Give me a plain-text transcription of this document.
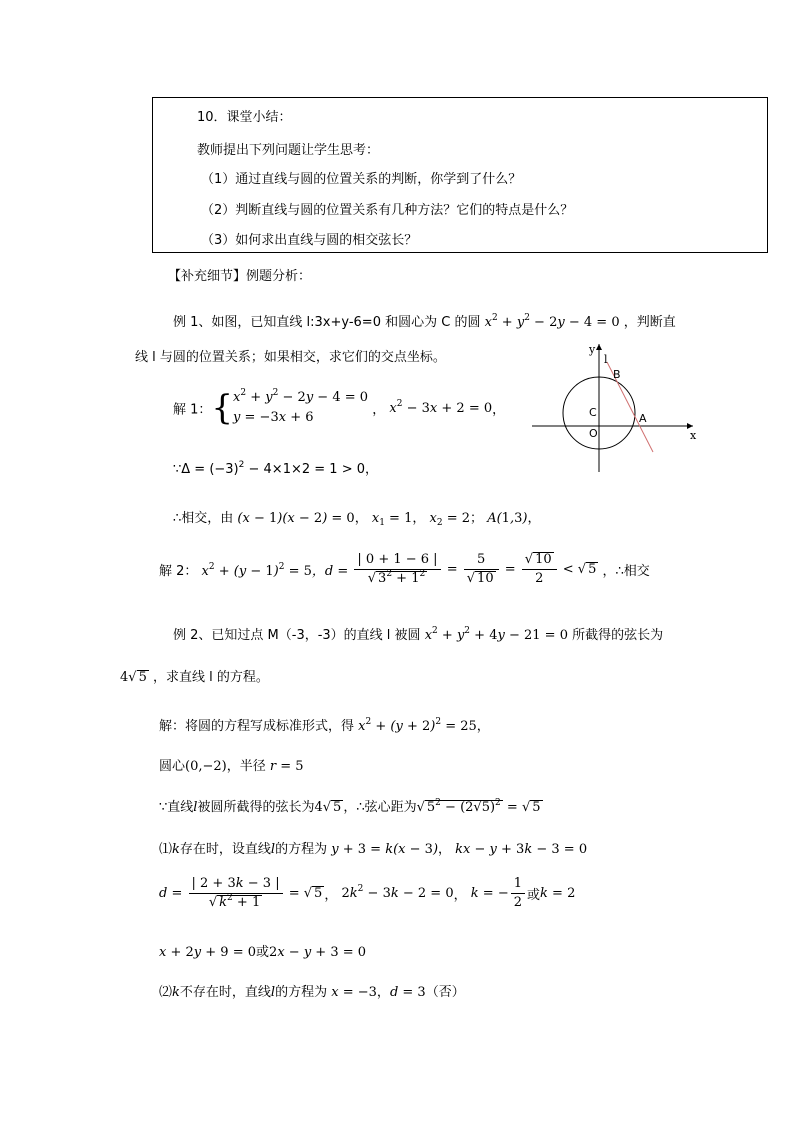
10．课堂小结：
教师提出下列问题让学生思考：
（1）通过直线与圆的位置关系的判断，你学到了什么？
（2）判断直线与圆的位置关系有几种方法？它们的特点是什么？
（3）如何求出直线与圆的相交弦长？
【补充细节】例题分析：
例 1、如图，已知直线 l:3x+y-6=0 和圆心为 C 的圆 $x^2 + y^2 - 2y - 4 = 0$ ，判断直
线 l 与圆的位置关系；如果相交，求它们的交点坐标。
解 1：{$x^2 + y^2 - 2y - 4 = 0$
y = −3x + 6	， $x^2 - 3x + 2 = 0$，
∵Δ = $(-3)^2 - 4\times 1\times 2 = 1 > 0$，
∴相交，由 (x − 1)(x − 2) = 0， $x_1 = 1$， $x_2 = 2$； A(1,3)，
解 2： $x^2 + (y - 1)^2 = 5$，$d = \frac{| 0 + 1 - 6 |}{√ 3^2 + 1^2} = \frac{5}{√ 10} = \frac{√ 10}{2}$ < √ 5 ，∴相交
x
y
l
B
C
O
A
例 2、已知过点 M（-3，-3）的直线 l 被圆 $x^2 + y^2 + 4y - 21 = 0$ 所截得的弦长为
4√ 5 ，求直线 l 的方程。
解：将圆的方程写成标准形式，得 $x^2 + (y + 2)^2 = 25$，
圆心(0,−2)，半径 r = 5
∵直线l被圆所截得的弦长为4√ 5 ，∴弦心距为√ $5^2 - (2√5)^2$ = √ 5
⑴k存在时，设直线l的方程为 y + 3 = k(x − 3)， kx − y + 3k − 3 = 0
$d = \frac{| 2 + 3k - 3 |}{√ k^2 + 1}$ = √ 5 ， $2k^2 - 3k - 2 = 0$， k = − $\frac{1}{2}$ 或k = 2
x + 2y + 9 = 0或2x − y + 3 = 0
⑵k不存在时，直线l的方程为 x = −3，d = 3（否）
